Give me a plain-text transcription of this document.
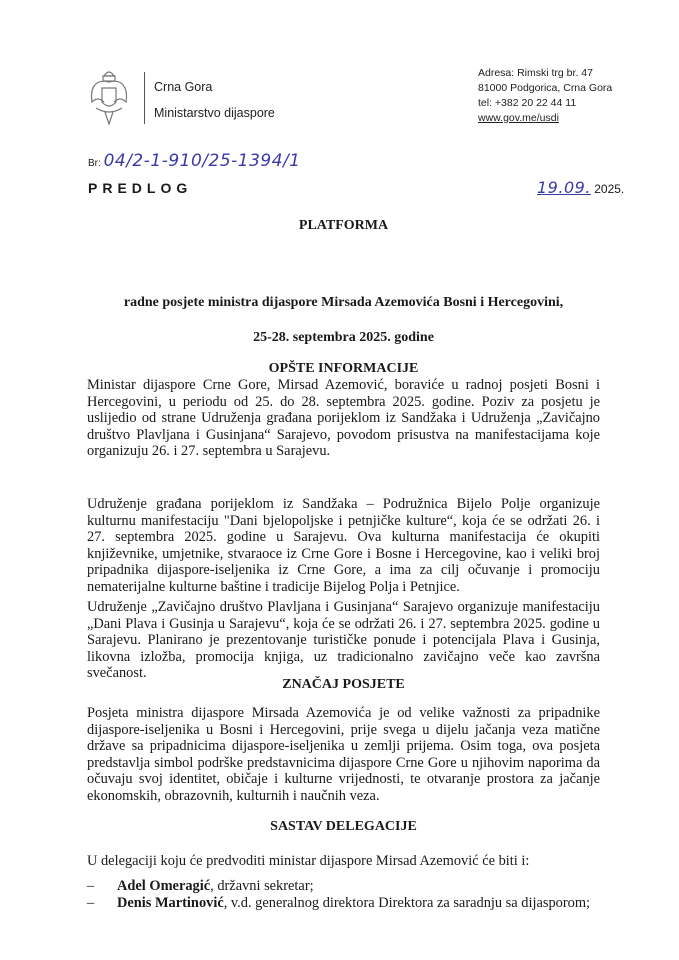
Crna Gora
Ministarstvo dijaspore
Adresa: Rimski trg br. 47
81000 Podgorica, Crna Gora
tel: +382 20 22 44 11
www.gov.me/usdi
Br: 04/2-1-910/25-1394/1
PREDLOG	19.09. 2025.
PLATFORMA
radne posjete ministra dijaspore Mirsada Azemovića Bosni i Hercegovini,
25-28. septembra 2025. godine
OPŠTE INFORMACIJE
Ministar dijaspore Crne Gore, Mirsad Azemović, boraviće u radnoj posjeti Bosni i Hercegovini, u periodu od 25. do 28. septembra 2025. godine. Poziv za posjetu je uslijedio od strane Udruženja građana porijeklom iz Sandžaka i Udruženja „Zavičajno društvo Plavljana i Gusinjana“ Sarajevo, povodom prisustva na manifestacijama koje organizuju 26. i 27. septembra u Sarajevu.
Udruženje građana porijeklom iz Sandžaka – Podružnica Bijelo Polje organizuje kulturnu manifestaciju "Dani bjelopoljske i petnjičke kulture“, koja će se održati 26. i 27. septembra 2025. godine u Sarajevu. Ova kulturna manifestacija će okupiti književnike, umjetnike, stvaraoce iz Crne Gore i Bosne i Hercegovine, kao i veliki broj pripadnika dijaspore-iseljenika iz Crne Gore, a ima za cilj očuvanje i promociju nematerijalne kulturne baštine i tradicije Bijelog Polja i Petnjice.
Udruženje „Zavičajno društvo Plavljana i Gusinjana“ Sarajevo organizuje manifestaciju „Dani Plava i Gusinja u Sarajevu“, koja će se održati 26. i 27. septembra 2025. godine u Sarajevu. Planirano je prezentovanje turističke ponude i potencijala Plava i Gusinja, likovna izložba, promocija knjiga, uz tradicionalno zavičajno veče kao završna svečanost.
ZNAČAJ POSJETE
Posjeta ministra dijaspore Mirsada Azemovića je od velike važnosti za pripadnike dijaspore-iseljenika u Bosni i Hercegovini, prije svega u dijelu jačanja veza matične države sa pripadnicima dijaspore-iseljenika u zemlji prijema. Osim toga, ova posjeta predstavlja simbol podrške predstavnicima dijaspore Crne Gore u njihovim naporima da očuvaju svoj identitet, običaje i kulturne vrijednosti, te otvaranje prostora za jačanje ekonomskih, obrazovnih, kulturnih i naučnih veza.
SASTAV DELEGACIJE
U delegaciji koju će predvoditi ministar dijaspore Mirsad Azemović će biti i:
–	Adel Omeragić, državni sekretar;
–	Denis Martinović, v.d. generalnog direktora Direktora za saradnju sa dijasporom;
